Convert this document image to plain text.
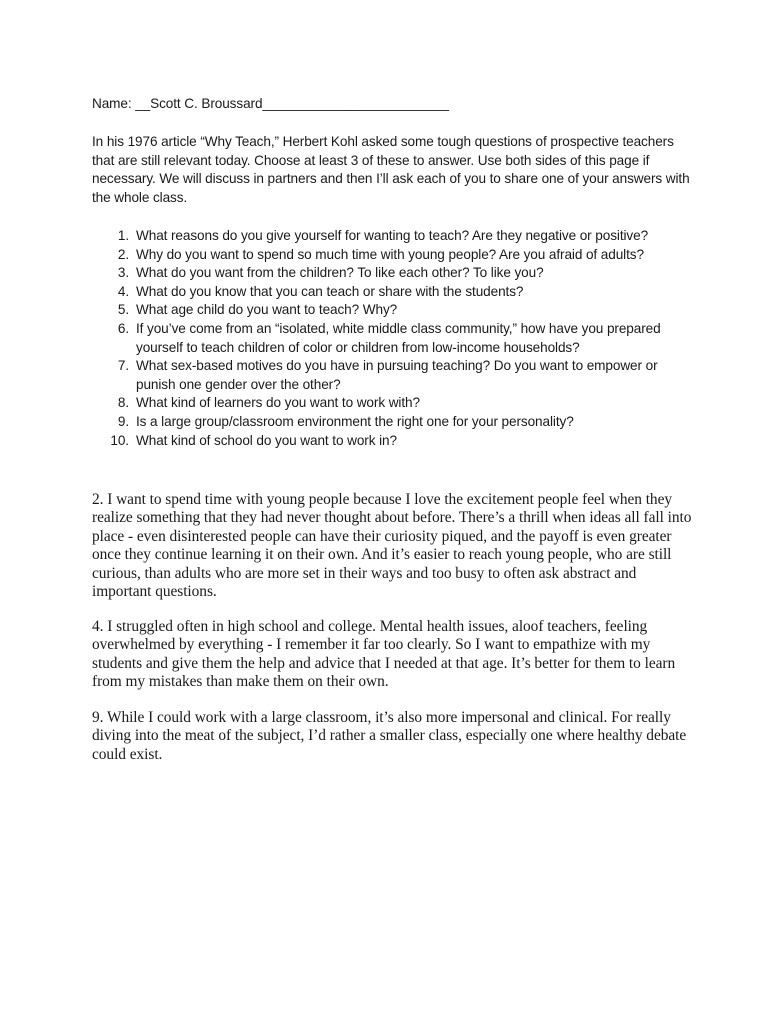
Name: __Scott C. Broussard_________________________

In his 1976 article “Why Teach,” Herbert Kohl asked some tough questions of prospective teachers that are still relevant today. Choose at least 3 of these to answer. Use both sides of this page if necessary. We will discuss in partners and then I’ll ask each of you to share one of your answers with the whole class.

1. What reasons do you give yourself for wanting to teach? Are they negative or positive?
2. Why do you want to spend so much time with young people? Are you afraid of adults?
3. What do you want from the children? To like each other? To like you?
4. What do you know that you can teach or share with the students?
5. What age child do you want to teach? Why?
6. If you’ve come from an “isolated, white middle class community,” how have you prepared yourself to teach children of color or children from low-income households?
7. What sex-based motives do you have in pursuing teaching? Do you want to empower or punish one gender over the other?
8. What kind of learners do you want to work with?
9. Is a large group/classroom environment the right one for your personality?
10. What kind of school do you want to work in?

2. I want to spend time with young people because I love the excitement people feel when they realize something that they had never thought about before. There’s a thrill when ideas all fall into place - even disinterested people can have their curiosity piqued, and the payoff is even greater once they continue learning it on their own. And it’s easier to reach young people, who are still curious, than adults who are more set in their ways and too busy to often ask abstract and important questions.

4. I struggled often in high school and college. Mental health issues, aloof teachers, feeling overwhelmed by everything - I remember it far too clearly. So I want to empathize with my students and give them the help and advice that I needed at that age. It’s better for them to learn from my mistakes than make them on their own.

9. While I could work with a large classroom, it’s also more impersonal and clinical. For really diving into the meat of the subject, I’d rather a smaller class, especially one where healthy debate could exist.
